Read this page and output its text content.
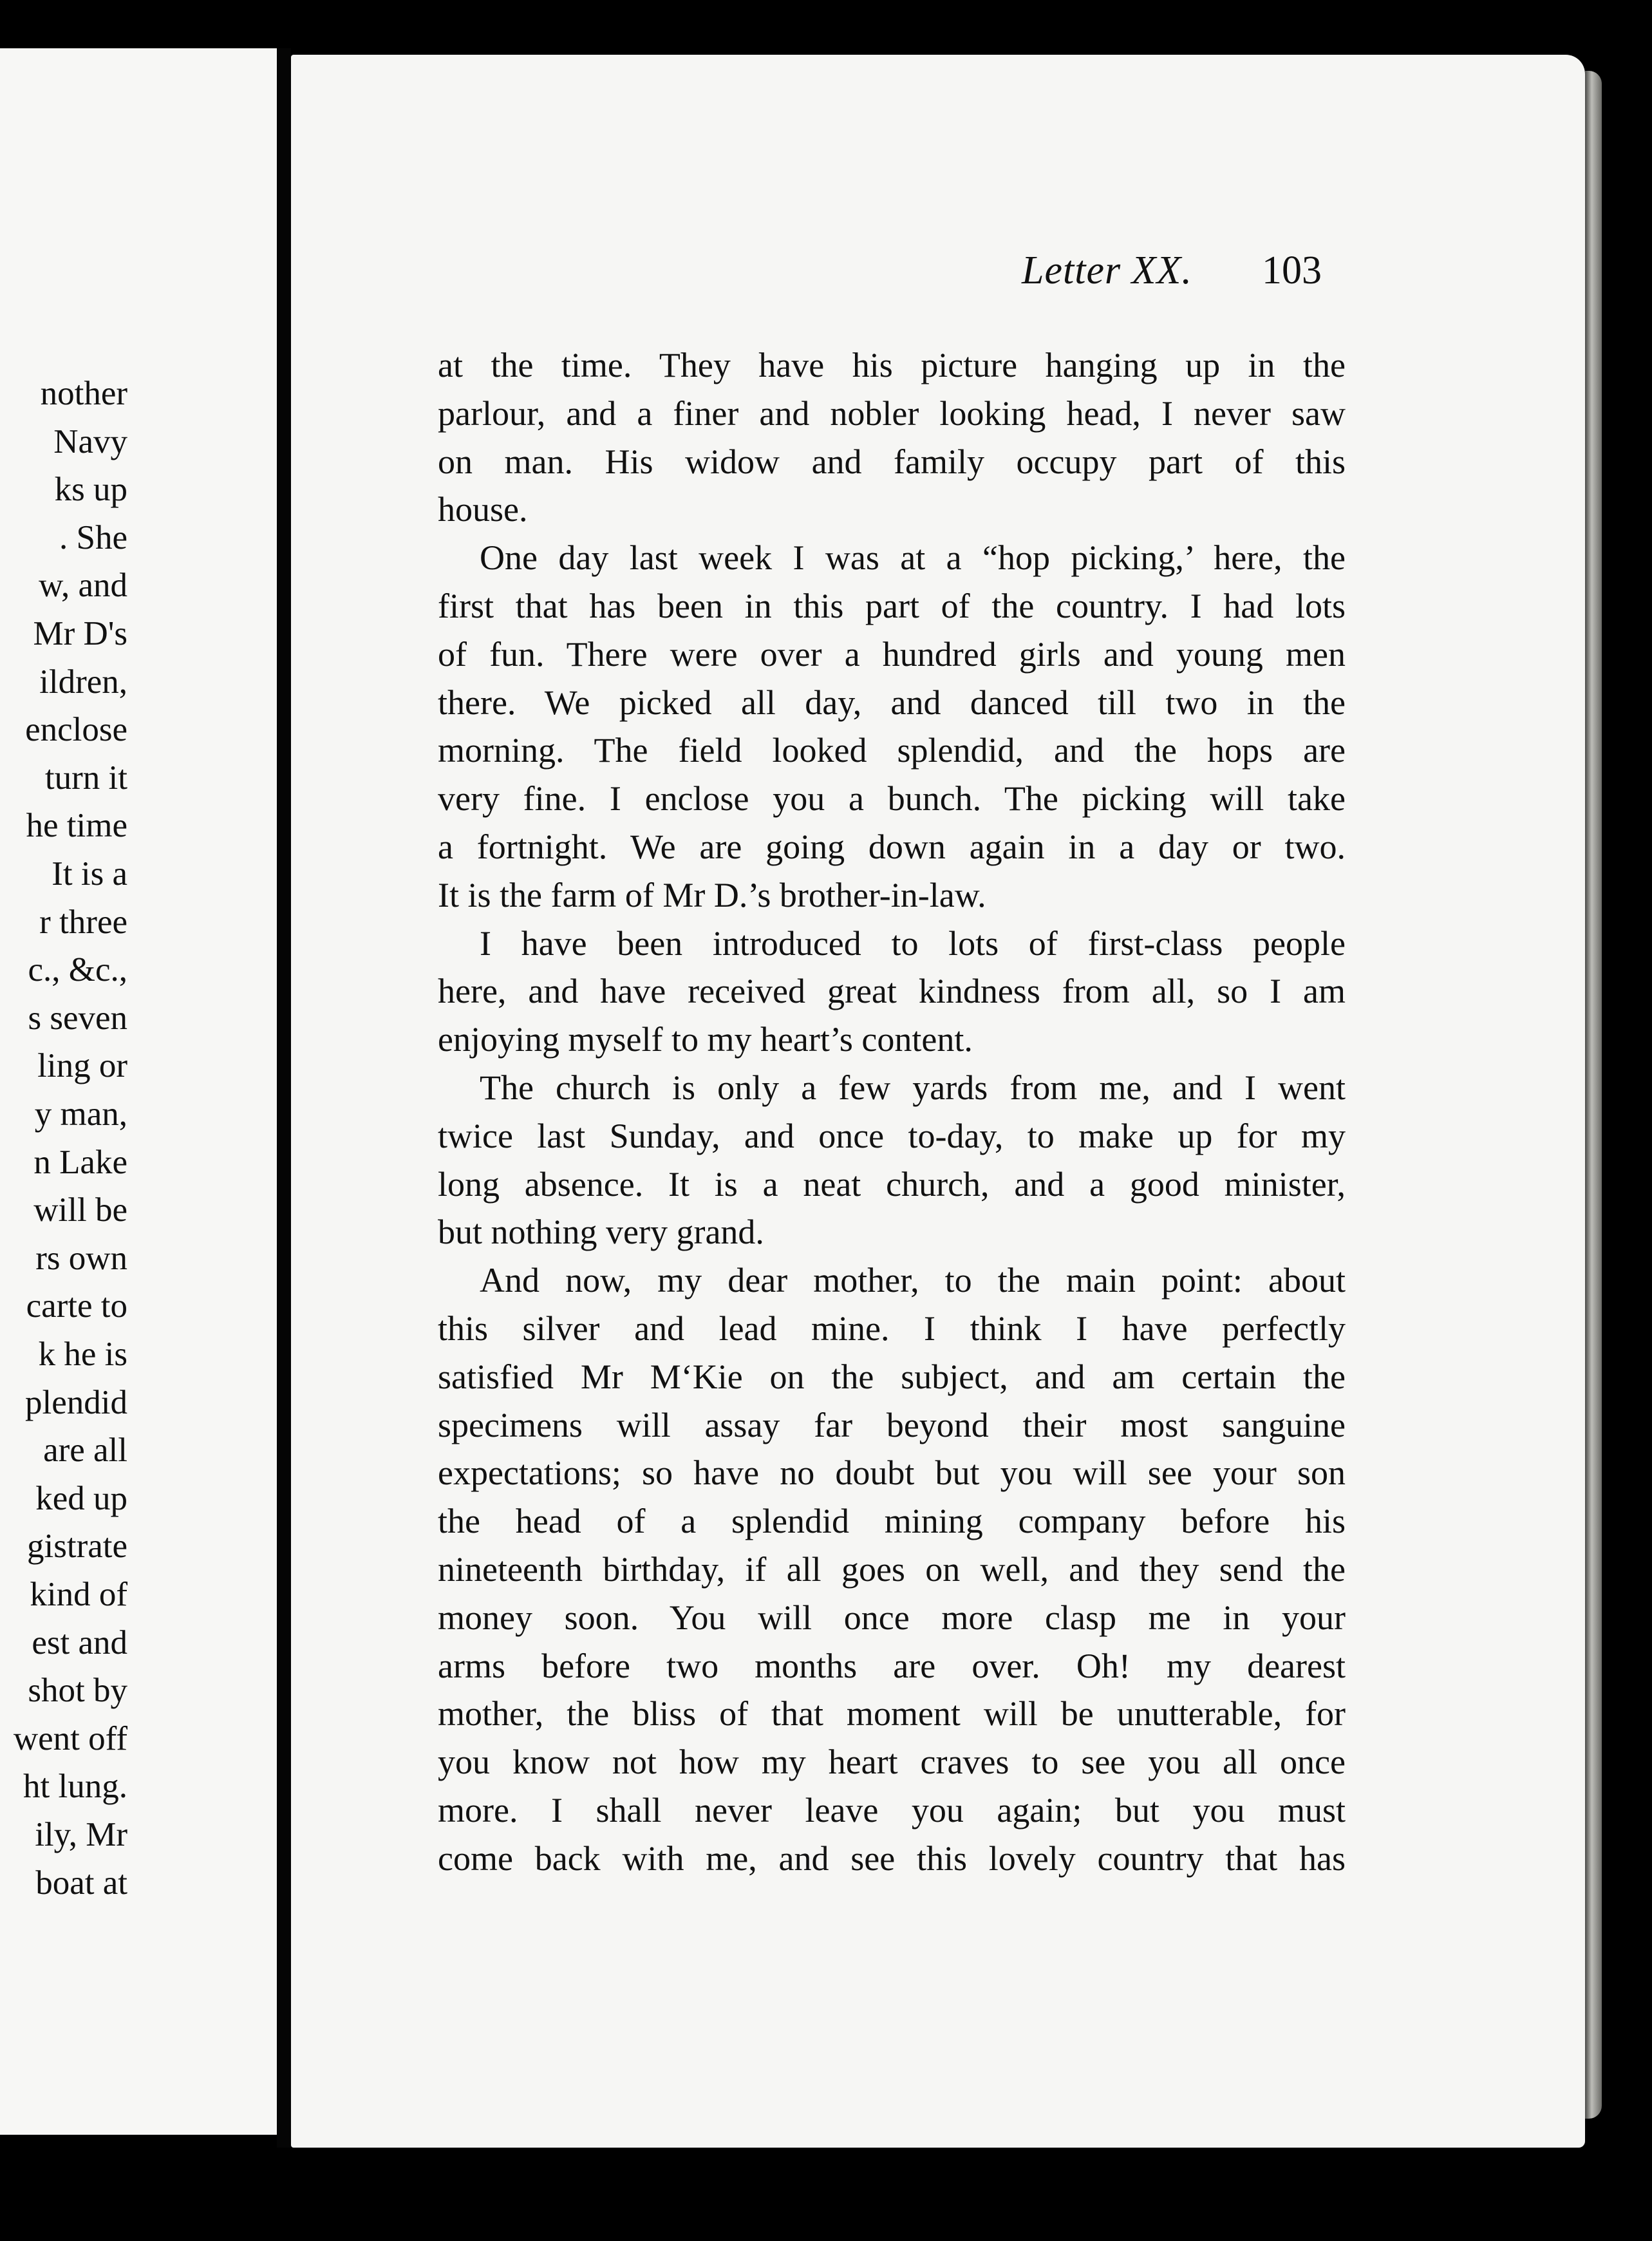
nother
Navy
ks up
. She
w, and
Mr D's
ildren,
enclose
turn it
he time
It is a
r three
c., &c.,
s seven
ling or
y man,
n Lake
will be
rs own
carte to
k he is
plendid
are all
ked up
gistrate
kind of
est and
shot by
went off
ht lung.
ily, Mr
boat at
Letter XX. 103
at the time. They have his picture hanging up in the
parlour, and a finer and nobler looking head, I never saw
on man. His widow and family occupy part of this
house.
One day last week I was at a “hop picking,’ here, the
first that has been in this part of the country. I had lots
of fun. There were over a hundred girls and young men
there. We picked all day, and danced till two in the
morning. The field looked splendid, and the hops are
very fine. I enclose you a bunch. The picking will take
a fortnight. We are going down again in a day or two.
It is the farm of Mr D.’s brother-in-law.
I have been introduced to lots of first-class people
here, and have received great kindness from all, so I am
enjoying myself to my heart’s content.
The church is only a few yards from me, and I went
twice last Sunday, and once to-day, to make up for my
long absence. It is a neat church, and a good minister,
but nothing very grand.
And now, my dear mother, to the main point: about
this silver and lead mine. I think I have perfectly
satisfied Mr M‘Kie on the subject, and am certain the
specimens will assay far beyond their most sanguine
expectations; so have no doubt but you will see your son
the head of a splendid mining company before his
nineteenth birthday, if all goes on well, and they send the
money soon. You will once more clasp me in your
arms before two months are over. Oh! my dearest
mother, the bliss of that moment will be unutterable, for
you know not how my heart craves to see you all once
more. I shall never leave you again; but you must
come back with me, and see this lovely country that has
